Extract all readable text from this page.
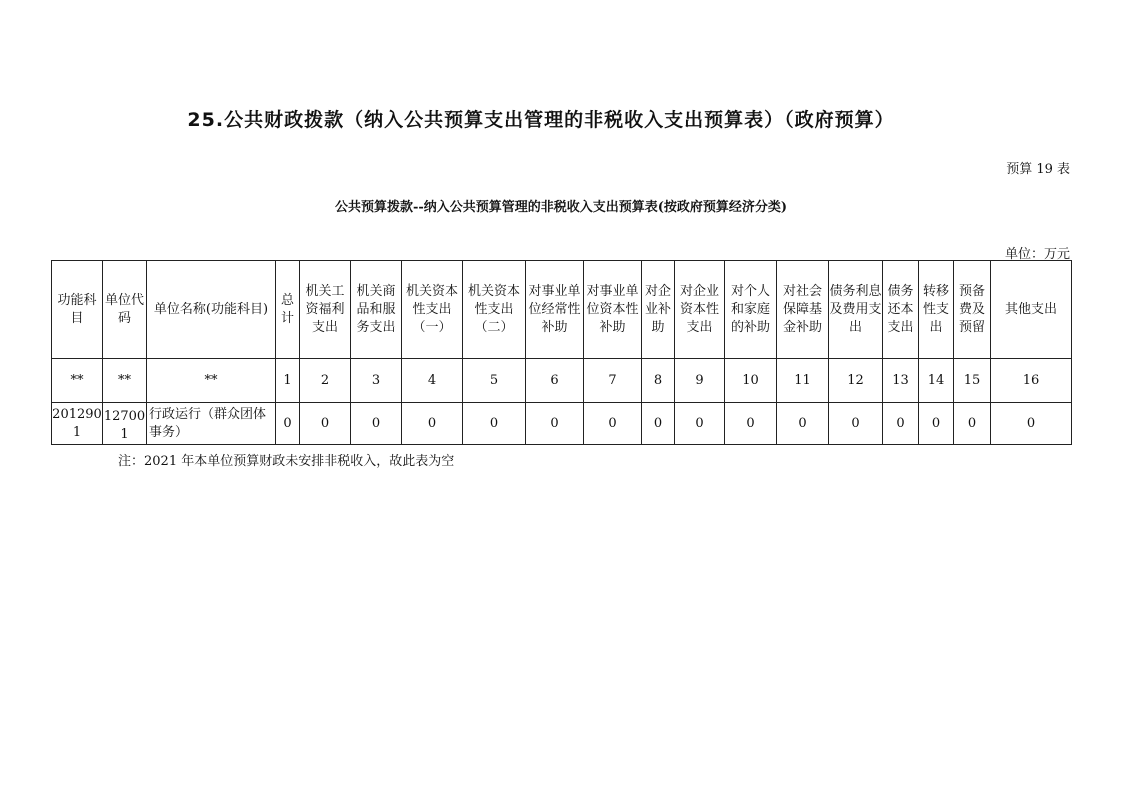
25.公共财政拨款（纳入公共预算支出管理的非税收入支出预算表）（政府预算）
预算 19 表
公共预算拨款--纳入公共预算管理的非税收入支出预算表(按政府预算经济分类)
单位：万元
功能科目	单位代码	单位名称(功能科目)	总计	机关工资福利支出	机关商品和服务支出	机关资本性支出（一）	机关资本性支出（二）	对事业单位经常性补助	对事业单位资本性补助	对企业补助	对企业资本性支出	对个人和家庭的补助	对社会保障基金补助	债务利息及费用支出	债务还本支出	转移性支出	预备费及预留	其他支出
**	**	**	1	2	3	4	5	6	7	8	9	10	11	12	13	14	15	16
2012901	127001	行政运行（群众团体事务）	0	0	0	0	0	0	0	0	0	0	0	0	0	0	0	0
注：2021 年本单位预算财政未安排非税收入，故此表为空
